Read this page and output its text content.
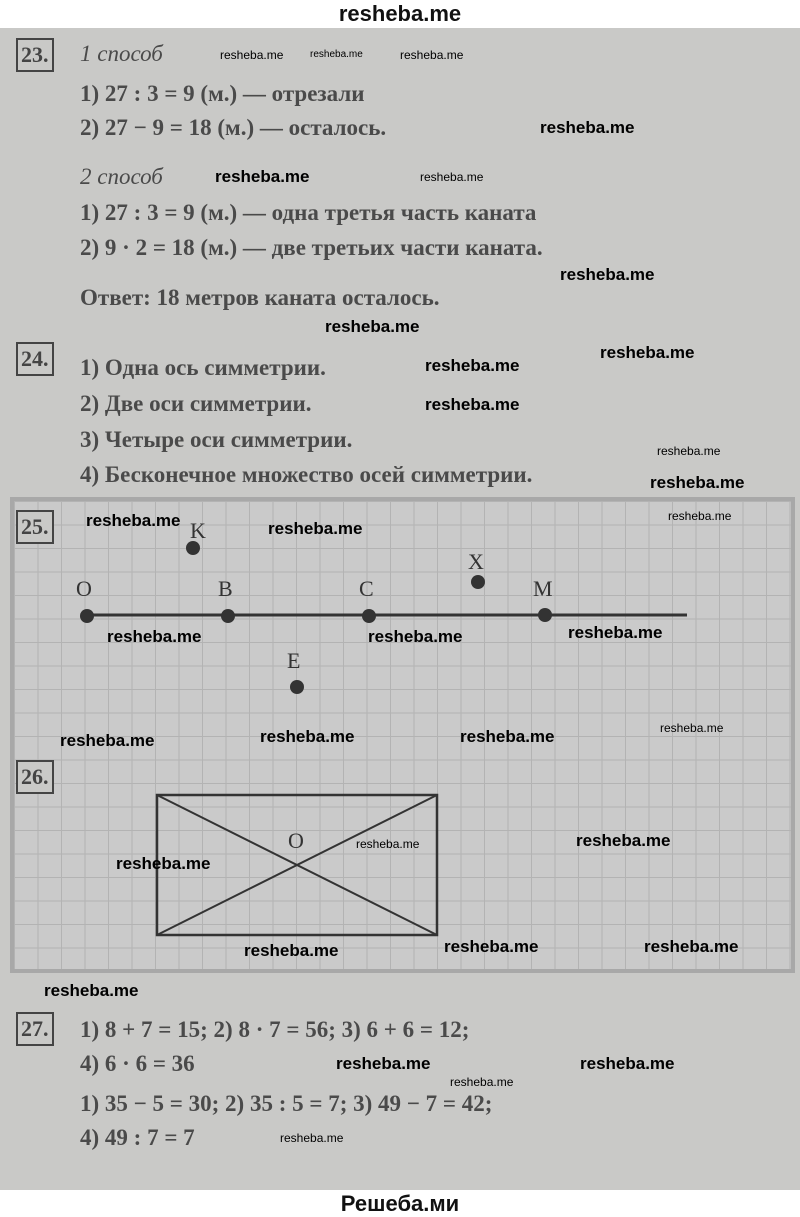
resheba.me
23. 1 способ
1) 27 : 3 = 9 (м.) — отрезали
2) 27 − 9 = 18 (м.) — осталось.
2 способ
1) 27 : 3 = 9 (м.) — одна третья часть каната
2) 9 · 2 = 18 (м.) — две третьих части каната.
Ответ: 18 метров каната осталось.
24. 1) Одна ось симметрии.
2) Две оси симметрии.
3) Четыре оси симметрии.
4) Бесконечное множество осей симметрии.
25.
26.
O	B	C	M
K
X
E
O
27. 1) 8 + 7 = 15; 2) 8 · 7 = 56; 3) 6 + 6 = 12;
4) 6 · 6 = 36
1) 35 − 5 = 30; 2) 35 : 5 = 7; 3) 49 − 7 = 42;
4) 49 : 7 = 7
resheba.me	resheba.me	resheba.me
resheba.me
resheba.me
resheba.me
resheba.me
resheba.me
resheba.me
resheba.me
resheba.me
resheba.me
resheba.me
resheba.me
resheba.me	resheba.me
resheba.me	resheba.me	resheba.me
resheba.me
resheba.me	resheba.me	resheba.me
resheba.me
resheba.me	resheba.me
resheba.me	resheba.me	resheba.me
resheba.me
resheba.me	resheba.me
resheba.me
resheba.me
Решеба.ми
